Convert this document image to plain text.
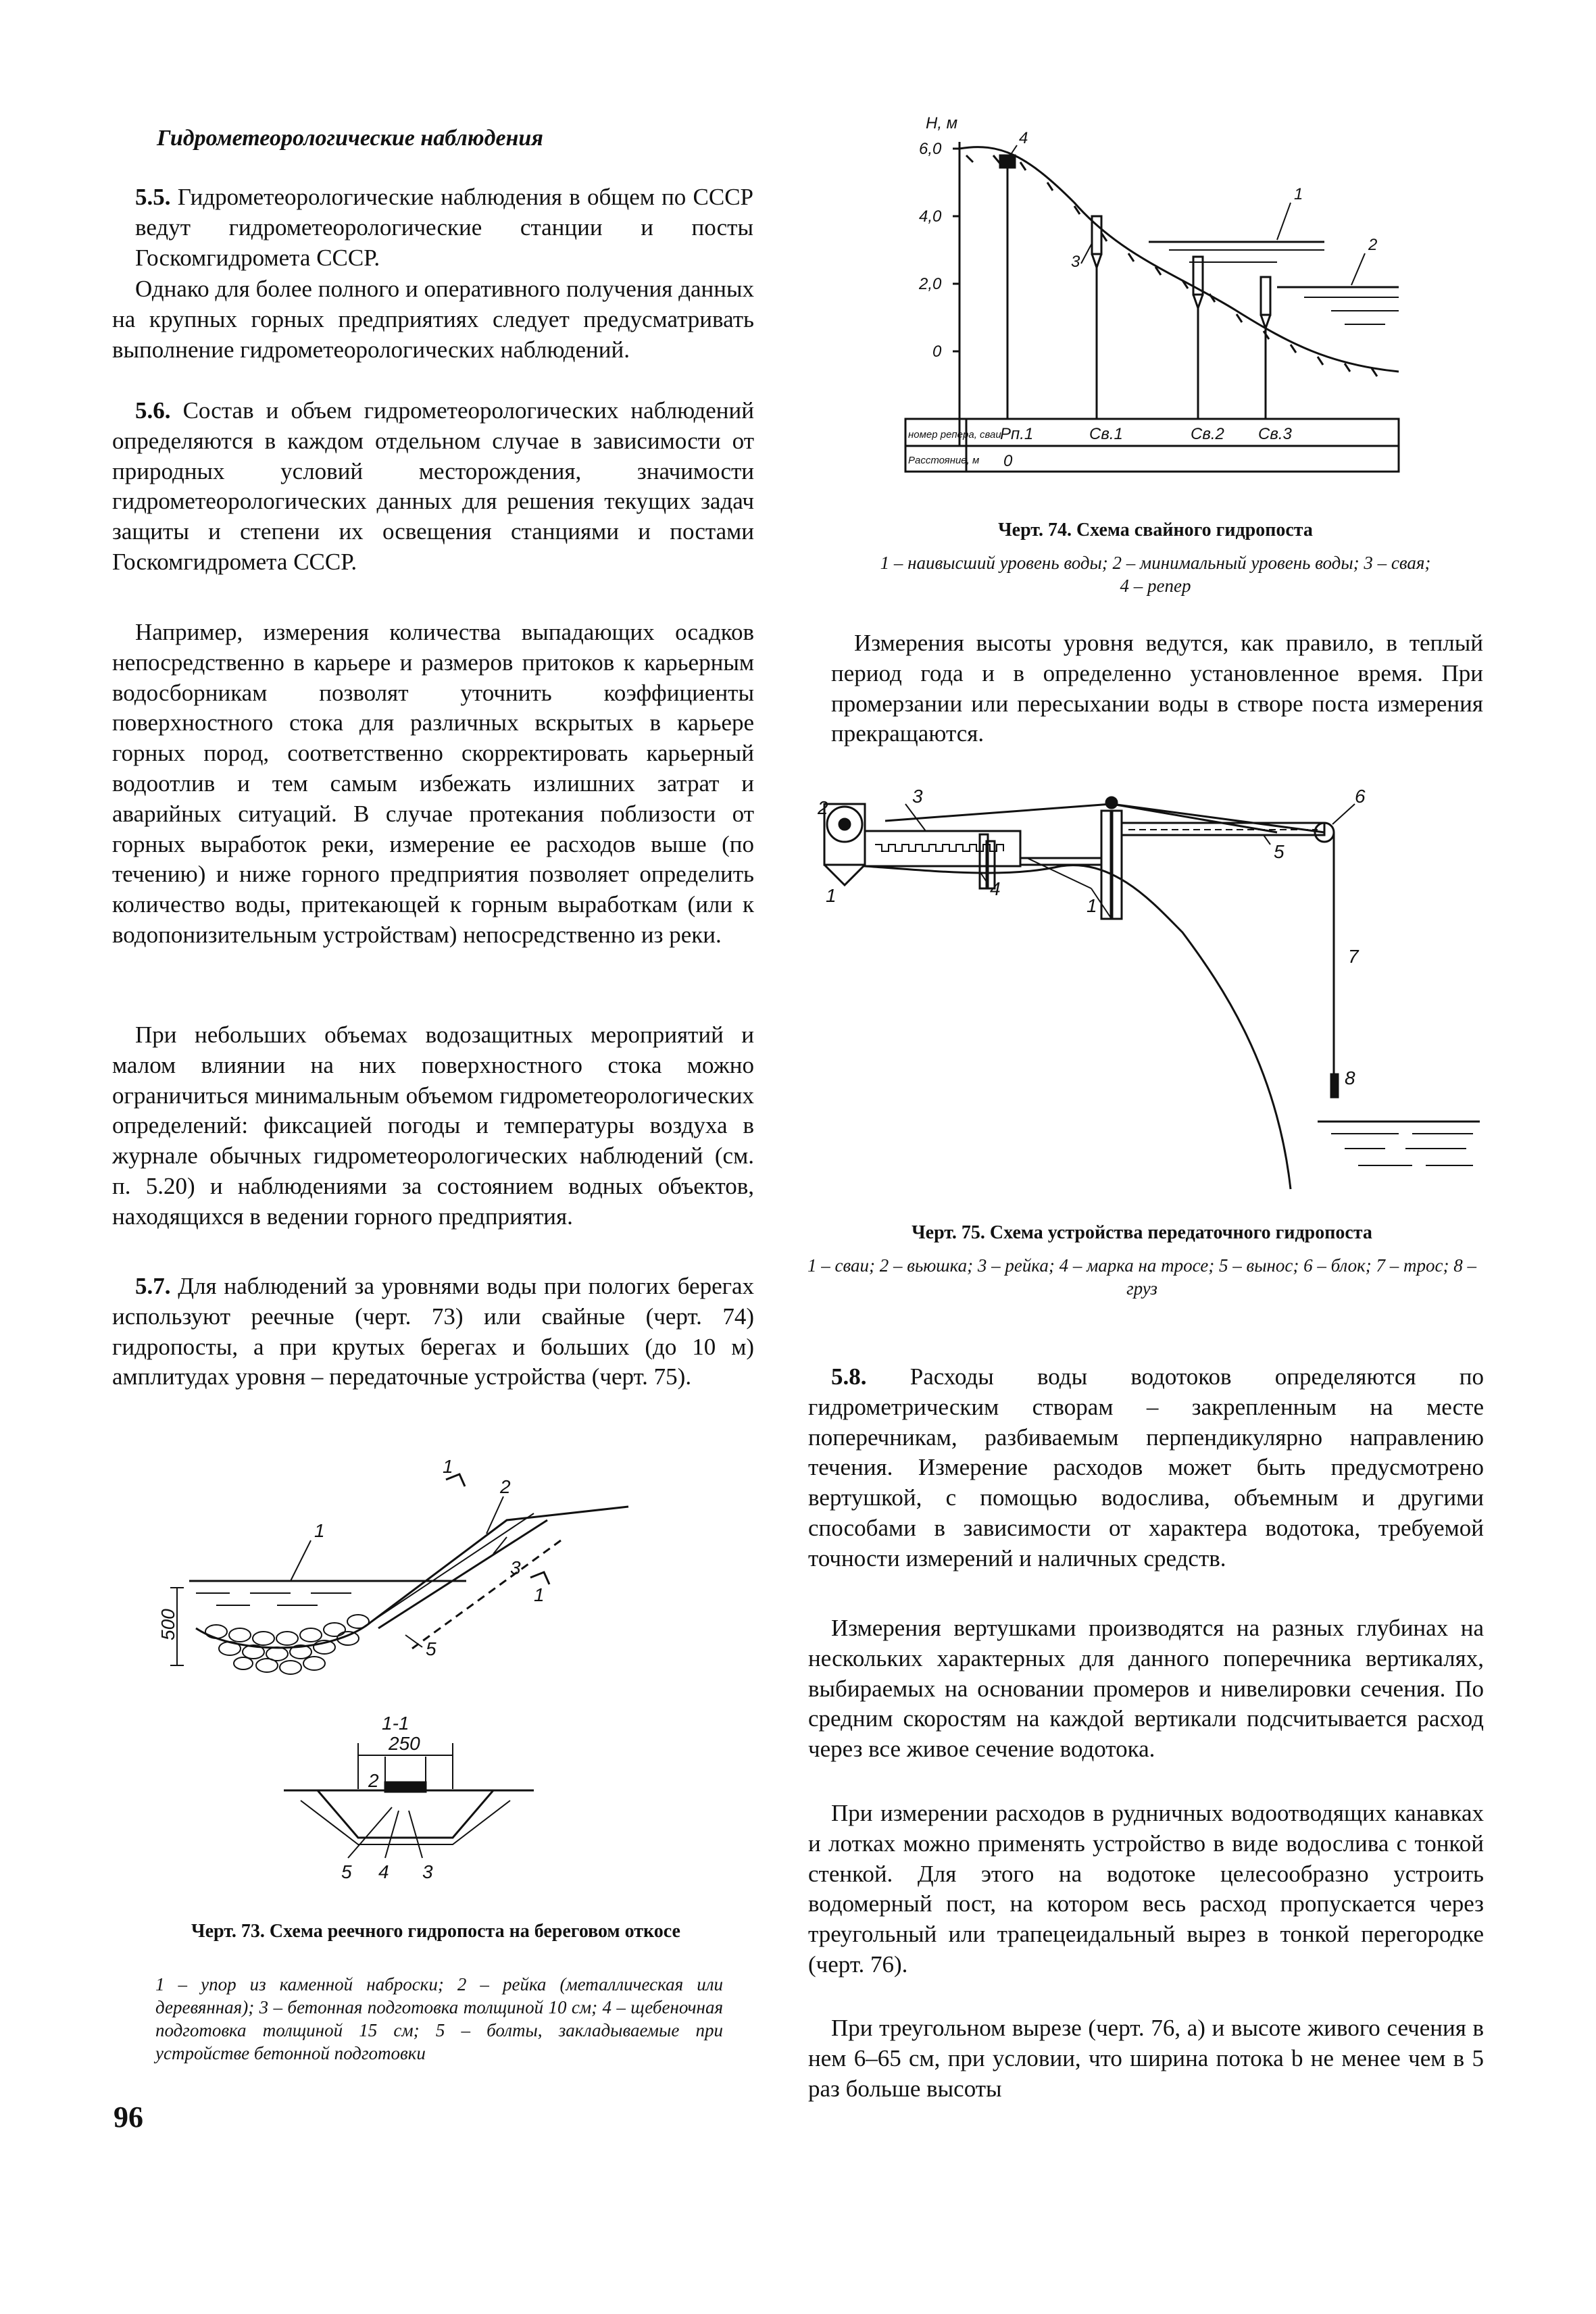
Гидрометеорологические наблюдения

5.5. Гидрометеорологические наблюдения в общем по СССР ведут гидрометеорологические станции и посты Госкомгидромета СССР.

Однако для более полного и оперативного получения данных на крупных горных предприятиях следует предусматривать выполнение гидрометеорологических наблюдений.

5.6. Состав и объем гидрометеорологических наблюдений определяются в каждом отдельном случае в зависимости от природных условий месторождения, значимости гидрометеорологических данных для решения текущих задач защиты и степени их освещения станциями и постами Госкомгидромета СССР.

Например, измерения количества выпадающих осадков непосредственно в карьере и размеров притоков к карьерным водосборникам позволят уточнить коэффициенты поверхностного стока для различных вскрытых в карьере горных пород, соответственно скорректировать карьерный водоотлив и тем самым избежать излишних затрат и аварийных ситуаций. В случае протекания поблизости от горных выработок реки, измерение ее расходов выше (по течению) и ниже горного предприятия позволяет определить количество воды, притекающей к горным выработкам (или к водопонизительным устройствам) непосредственно из реки.

При небольших объемах водозащитных мероприятий и малом влиянии на них поверхностного стока можно ограничиться минимальным объемом гидрометеорологических определений: фиксацией погоды и температуры воздуха в журнале обычных гидрометеорологических наблюдений (см. п. 5.20) и наблюдениями за состоянием водных объектов, находящихся в ведении горного предприятия.

5.7. Для наблюдений за уровнями воды при пологих берегах используют реечные (черт. 73) или свайные (черт. 74) гидропосты, а при крутых берегах и больших (до 10 м) амплитудах уровня – передаточные устройства (черт. 75).

1
2
3
5
1
1
500
1-1
250
2
5 4 3
Черт. 73. Схема реечного гидропоста на береговом откосе
1 – упор из каменной наброски; 2 – рейка (металлическая или деревянная); 3 – бетонная подготовка толщиной 10 см; 4 – щебеночная подготовка толщиной 15 см; 5 – болты, закладываемые при устройстве бетонной подготовки
96
Н, м
6,0
4,0
2,0
0
1
2
3
4
номер репера, сваи
Расстояние, м
Рп.1	Св.1	Св.2 Св.3
0
Черт. 74. Схема свайного гидропоста
1 – наивысший уровень воды; 2 – минимальный уровень воды; 3 – свая; 4 – репер

Измерения высоты уровня ведутся, как правило, в теплый период года и в определенно установленное время. При промерзании или пересыхании воды в створе поста измерения прекращаются.

1
2
3
4
1
5
6
7
8
Черт. 75. Схема устройства передаточного гидропоста
1 – сваи; 2 – вьюшка; 3 – рейка; 4 – марка на тросе; 5 – вынос; 6 – блок; 7 – трос; 8 – груз

5.8. Расходы воды водотоков определяются по гидрометрическим створам – закрепленным на месте поперечникам, разбиваемым перпендикулярно направлению течения. Измерение расходов может быть предусмотрено вертушкой, с помощью водослива, объемным и другими способами в зависимости от характера водотока, требуемой точности измерений и наличных средств.

Измерения вертушками производятся на разных глубинах на нескольких характерных для данного поперечника вертикалях, выбираемых на основании промеров и нивелировки сечения. По средним скоростям на каждой вертикали подсчитывается расход через все живое сечение водотока.

При измерении расходов в рудничных водоотводящих канавках и лотках можно применять устройство в виде водослива с тонкой стенкой. Для этого на водотоке целесообразно устроить водомерный пост, на котором весь расход пропускается через треугольный или трапецеидальный вырез в тонкой перегородке (черт. 76).

При треугольном вырезе (черт. 76, а) и высоте живого сечения в нем 6–65 см, при условии, что ширина потока b не менее чем в 5 раз больше высоты
